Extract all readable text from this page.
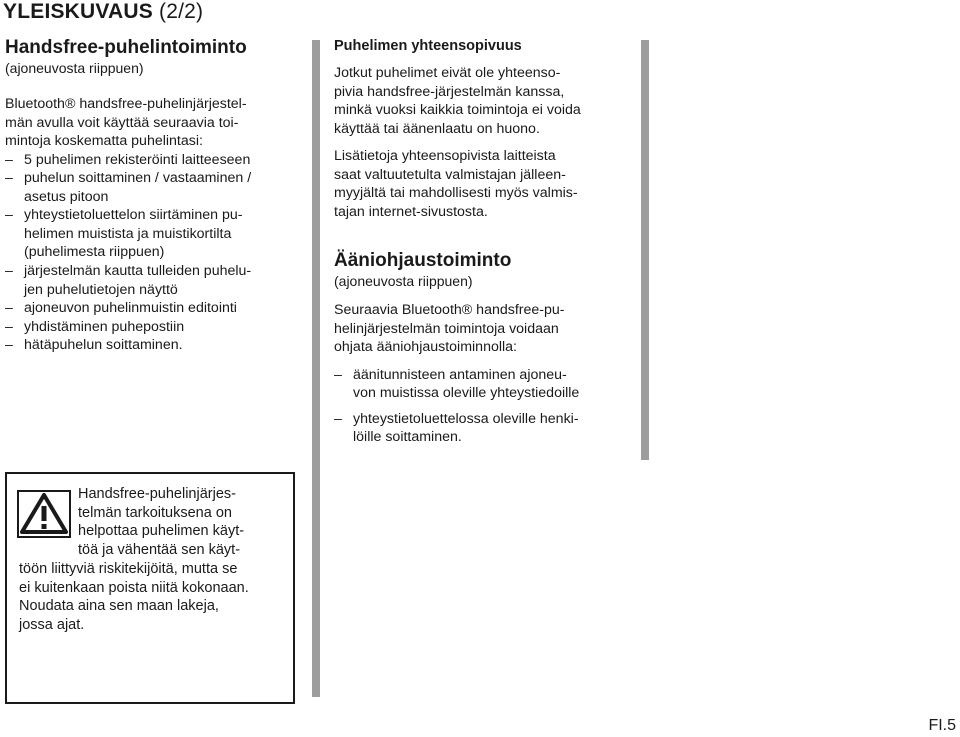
YLEISKUVAUS (2/2)
Handsfree-puhelintoiminto

(ajoneuvosta riippuen)

Bluetooth® handsfree-puhelinjärjestel-
män avulla voit käyttää seuraavia toi-
mintoja koskematta puhelintasi:

– 5 puhelimen rekisteröinti laitteeseen
– puhelun soittaminen / vastaaminen /
asetus pitoon
– yhteystietoluettelon siirtäminen pu-
helimen muistista ja muistikortilta
(puhelimesta riippuen)
– järjestelmän kautta tulleiden puhelu-
jen puhelutietojen näyttö
– ajoneuvon puhelinmuistin editointi
– yhdistäminen puhepostiin
– hätäpuhelun soittaminen.
Puhelimen yhteensopivuus

Jotkut puhelimet eivät ole yhteenso-
pivia handsfree-järjestelmän kanssa,
minkä vuoksi kaikkia toimintoja ei voida
käyttää tai äänenlaatu on huono.

Lisätietoja yhteensopivista laitteista
saat valtuutetulta valmistajan jälleen-
myyjältä tai mahdollisesti myös valmis-
tajan internet-sivustosta.

Ääniohjaustoiminto

(ajoneuvosta riippuen)

Seuraavia Bluetooth® handsfree-pu-
helinjärjestelmän toimintoja voidaan
ohjata ääniohjaustoiminnolla:

– äänitunnisteen antaminen ajoneu-
von muistissa oleville yhteystiedoille
– yhteystietoluettelossa oleville henki-
löille soittaminen.
Handsfree-puhelinjärjes-
telmän tarkoituksena on
helpottaa puhelimen käyt-
töä ja vähentää sen käyt-
töön liittyviä riskitekijöitä, mutta se
ei kuitenkaan poista niitä kokonaan.
Noudata aina sen maan lakeja,
jossa ajat.
FI.5
